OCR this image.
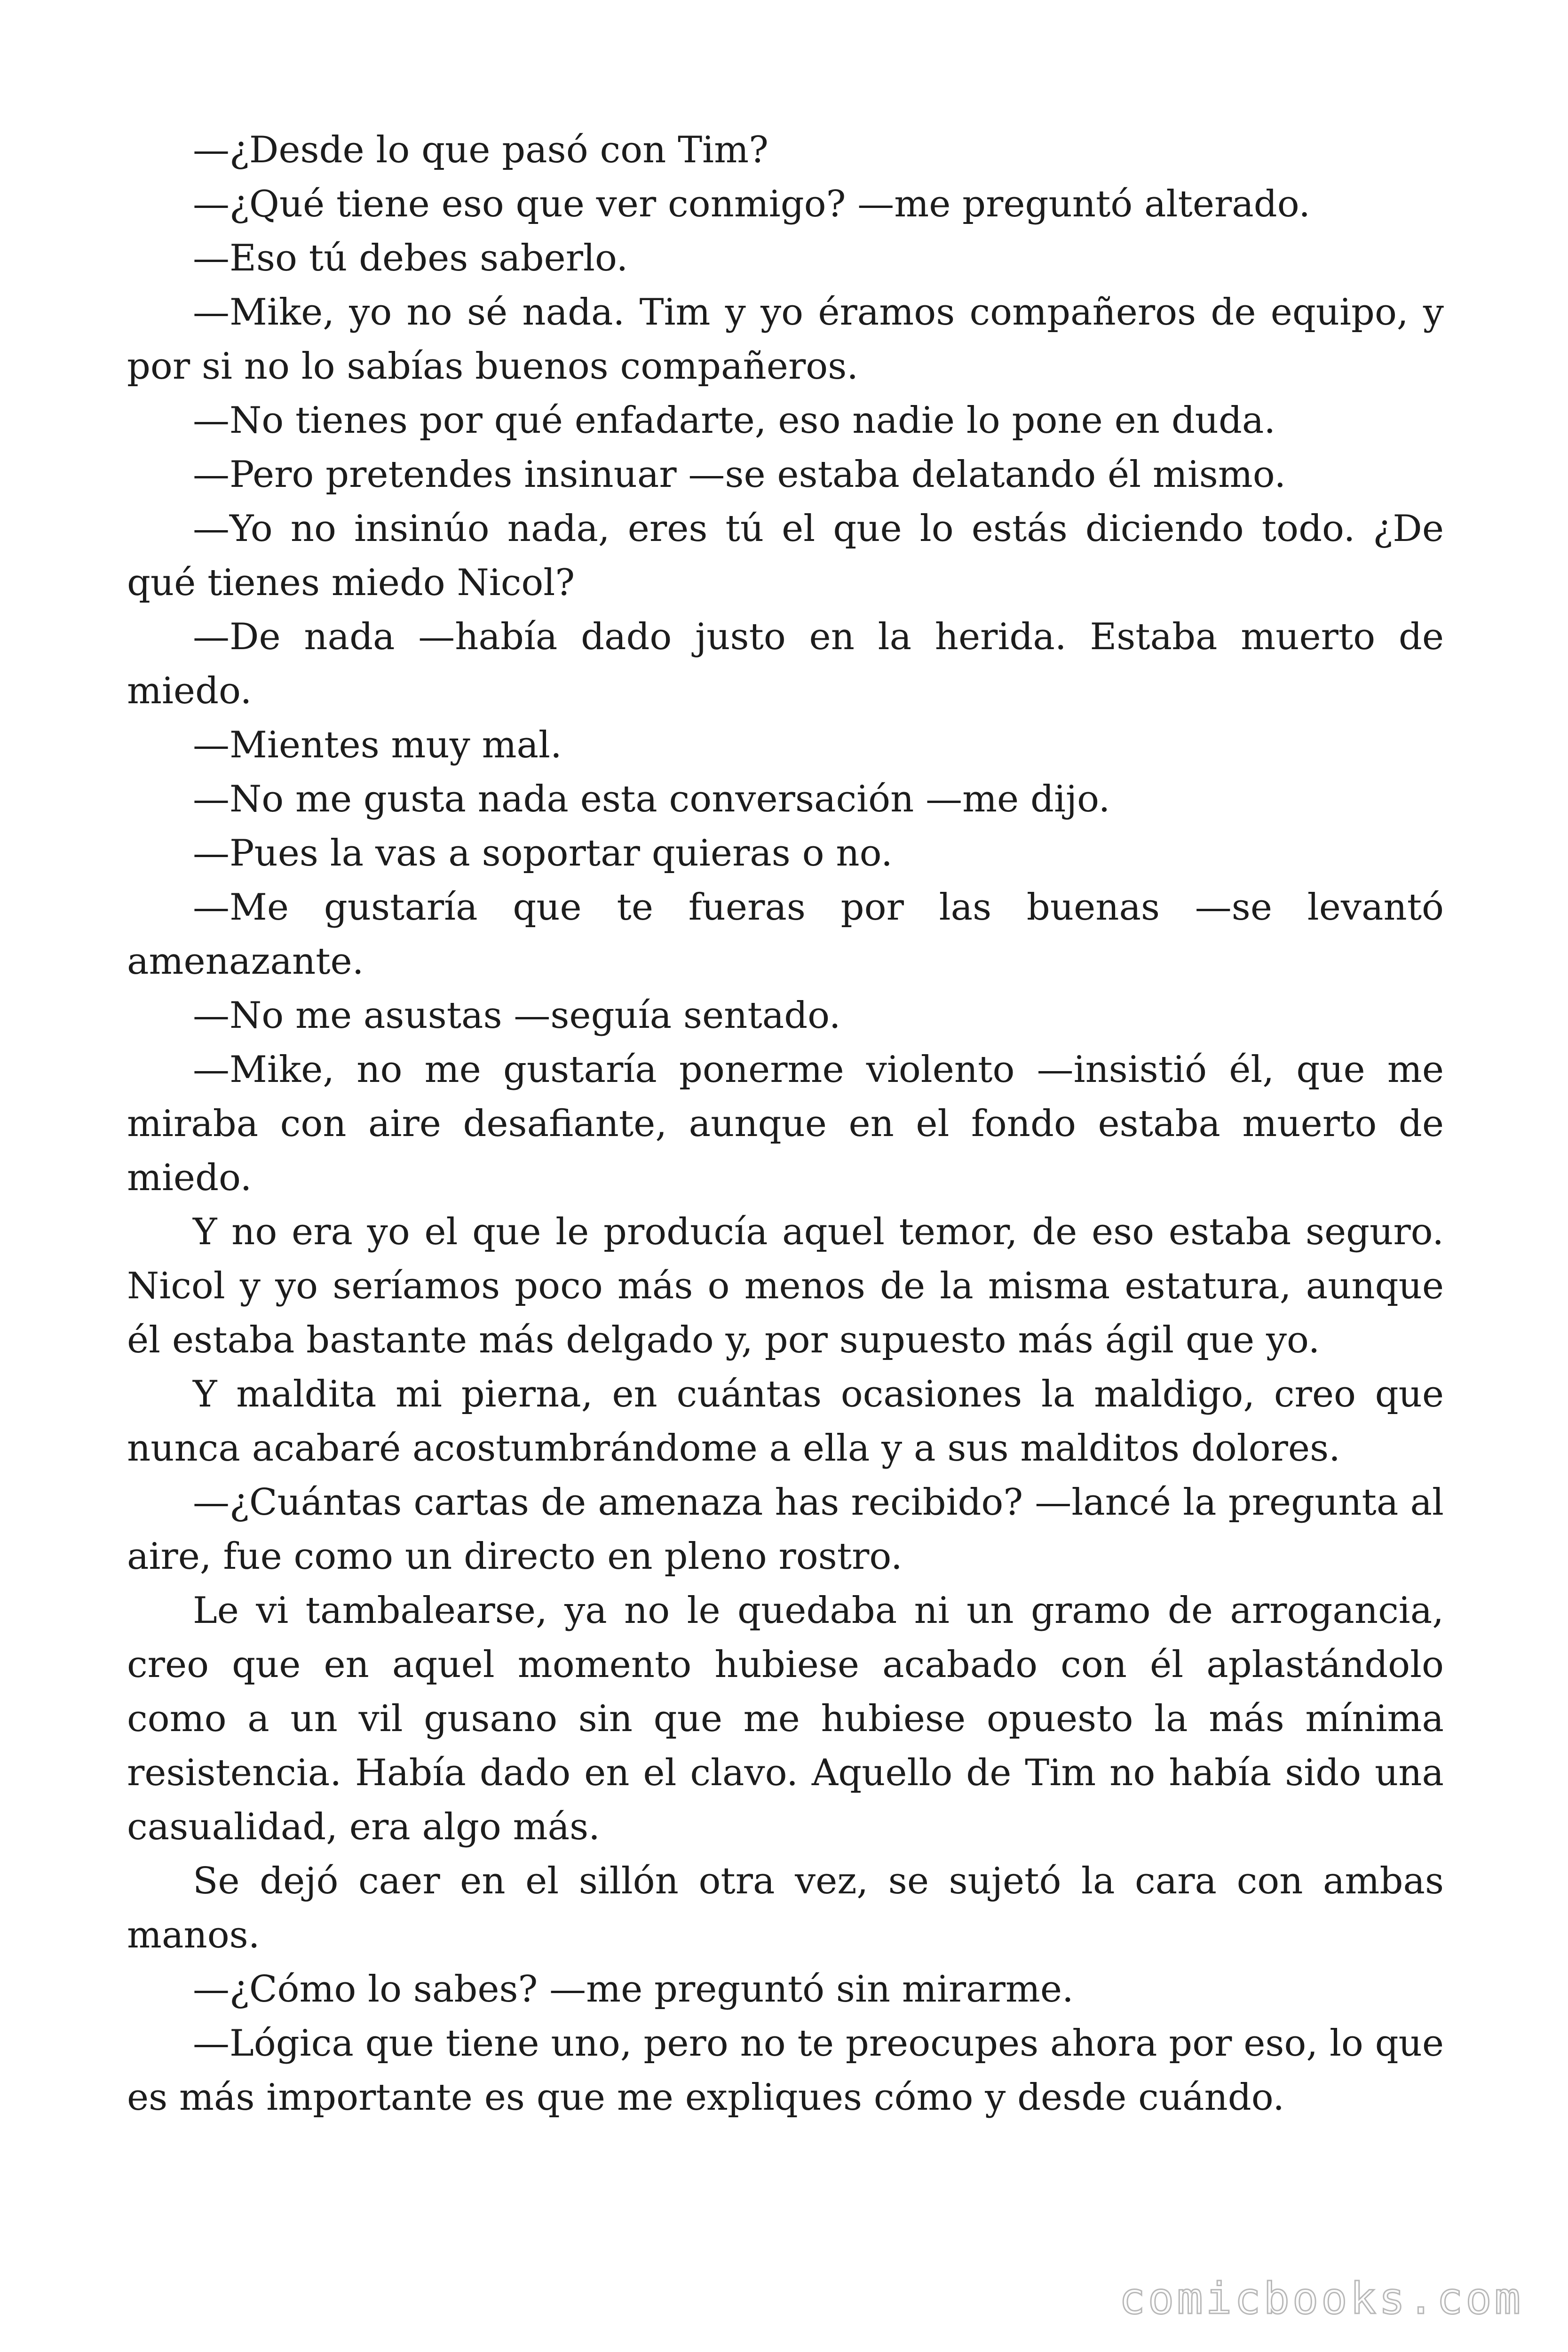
—¿Desde lo que pasó con Tim?

—¿Qué tiene eso que ver conmigo? —me preguntó alterado.

—Eso tú debes saberlo.

—Mike, yo no sé nada. Tim y yo éramos compañeros de equipo, y por si no lo sabías buenos compañeros.

—No tienes por qué enfadarte, eso nadie lo pone en duda.

—Pero pretendes insinuar —se estaba delatando él mismo.

—Yo no insinúo nada, eres tú el que lo estás diciendo todo. ¿De qué tienes miedo Nicol?

—De nada —había dado justo en la herida. Estaba muerto de miedo.

—Mientes muy mal.

—No me gusta nada esta conversación —me dijo.

—Pues la vas a soportar quieras o no.

—Me gustaría que te fueras por las buenas —se levantó amenazante.

—No me asustas —seguía sentado.

—Mike, no me gustaría ponerme violento —insistió él, que me miraba con aire desafiante, aunque en el fondo estaba muerto de miedo.

Y no era yo el que le producía aquel temor, de eso estaba seguro. Nicol y yo seríamos poco más o menos de la misma estatura, aunque él estaba bastante más delgado y, por supuesto más ágil que yo.

Y maldita mi pierna, en cuántas ocasiones la maldigo, creo que nunca acabaré acostumbrándome a ella y a sus malditos dolores.

—¿Cuántas cartas de amenaza has recibido? —lancé la pregunta al aire, fue como un directo en pleno rostro.

Le vi tambalearse, ya no le quedaba ni un gramo de arrogancia, creo que en aquel momento hubiese acabado con él aplastándolo como a un vil gusano sin que me hubiese opuesto la más mínima resistencia. Había dado en el clavo. Aquello de Tim no había sido una casualidad, era algo más.

Se dejó caer en el sillón otra vez, se sujetó la cara con ambas manos.

—¿Cómo lo sabes? —me preguntó sin mirarme.

—Lógica que tiene uno, pero no te preocupes ahora por eso, lo que es más importante es que me expliques cómo y desde cuándo.

comicbooks.com
